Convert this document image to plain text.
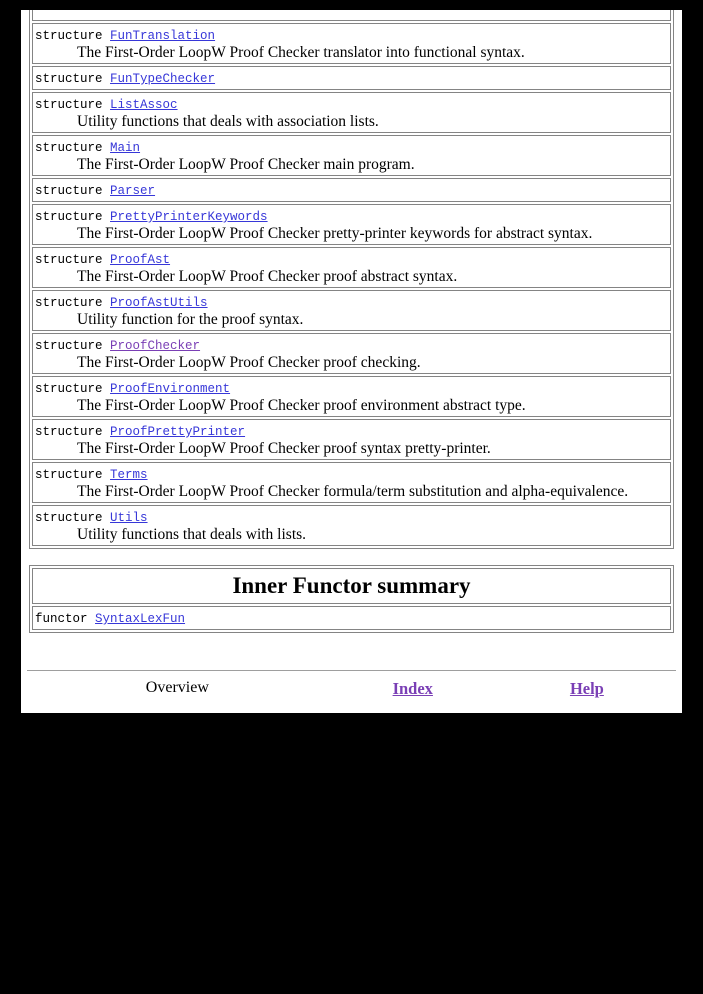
structure FunTranslation
The First-Order LoopW Proof Checker translator into functional syntax.

structure FunTypeChecker
structure ListAssoc
Utility functions that deals with association lists.

structure Main
The First-Order LoopW Proof Checker main program.

structure Parser
structure PrettyPrinterKeywords
The First-Order LoopW Proof Checker pretty-printer keywords for abstract syntax.

structure ProofAst
The First-Order LoopW Proof Checker proof abstract syntax.

structure ProofAstUtils
Utility function for the proof syntax.

structure ProofChecker
The First-Order LoopW Proof Checker proof checking.

structure ProofEnvironment
The First-Order LoopW Proof Checker proof environment abstract type.

structure ProofPrettyPrinter
The First-Order LoopW Proof Checker proof syntax pretty-printer.

structure Terms
The First-Order LoopW Proof Checker formula/term substitution and alpha-equivalence.

structure Utils
Utility functions that deals with lists.
Inner Functor summary
functor SyntaxLexFun
Overview	Index	Help
